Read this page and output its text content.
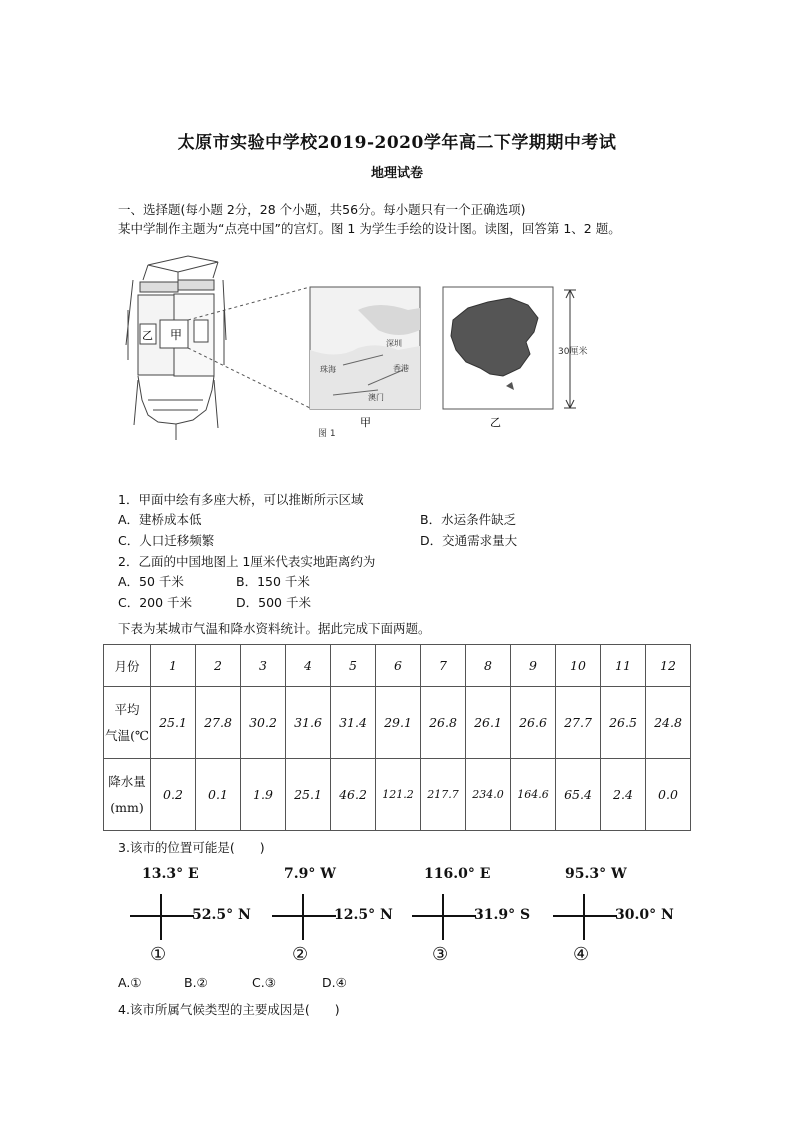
太原市实验中学校2019-2020学年高二下学期期中考试
地理试卷
一、选择题(每小题 2分，28 个小题，共56分。每小题只有一个正确选项)
某中学制作主题为“点亮中国”的宫灯。图 1 为学生手绘的设计图。读图，回答第 1、2 题。
甲
乙
珠海
深圳
香港
澳门
甲	乙
30厘米
图 1
1．甲面中绘有多座大桥，可以推断所示区域
A．建桥成本低	B．水运条件缺乏
C．人口迁移频繁	D．交通需求量大
2．乙面的中国地图上 1厘米代表实地距离约为
A．50 千米	B．150 千米
C．200 千米	D．500 千米
下表为某城市气温和降水资料统计。据此完成下面两题。
月份	1	2	3	4	5	6	7	8	9	10	11	12

平均
气温(℃	25.1	27.8	30.2	31.6	31.4	29.1	26.8	26.1	26.6	27.7	26.5	24.8

降水量
(mm)	0.2	0.1	1.9	25.1	46.2	121.2	217.7	234.0	164.6	65.4	2.4	0.0
3.该市的位置可能是(　　)
13.3° E
52.5° N
①
7.9° W
12.5° N
②
116.0° E
31.9° S
③
95.3° W
30.0° N
④
A.①	B.②	C.③	D.④
4.该市所属气候类型的主要成因是(　　)
